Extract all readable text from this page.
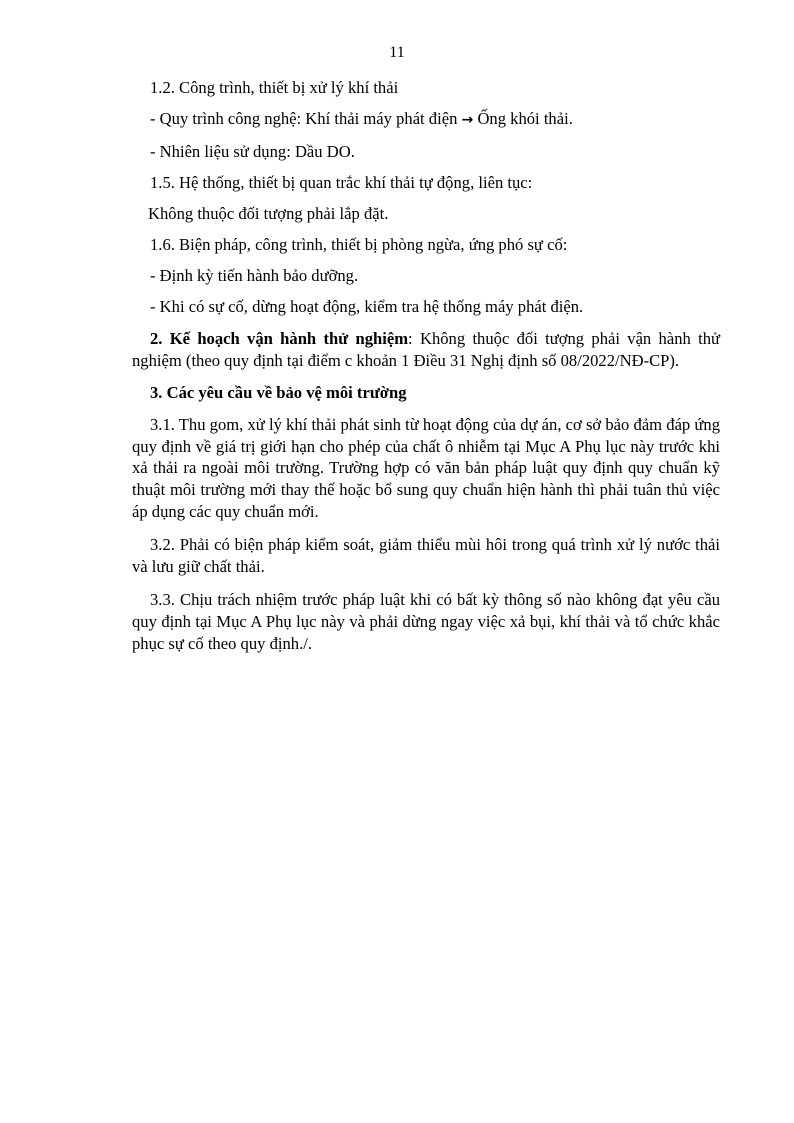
11

1.2. Công trình, thiết bị xử lý khí thải

- Quy trình công nghệ: Khí thải máy phát điện → Ống khói thải.

- Nhiên liệu sử dụng: Dầu DO.

1.5. Hệ thống, thiết bị quan trắc khí thải tự động, liên tục:

Không thuộc đối tượng phải lắp đặt.

1.6. Biện pháp, công trình, thiết bị phòng ngừa, ứng phó sự cố:

- Định kỳ tiến hành bảo dưỡng.

- Khi có sự cố, dừng hoạt động, kiểm tra hệ thống máy phát điện.

2. Kế hoạch vận hành thử nghiệm: Không thuộc đối tượng phải vận hành thử nghiệm (theo quy định tại điểm c khoản 1 Điều 31 Nghị định số 08/2022/NĐ-CP).

3. Các yêu cầu về bảo vệ môi trường

3.1. Thu gom, xử lý khí thải phát sinh từ hoạt động của dự án, cơ sở bảo đảm đáp ứng quy định về giá trị giới hạn cho phép của chất ô nhiễm tại Mục A Phụ lục này trước khi xả thải ra ngoài môi trường. Trường hợp có văn bản pháp luật quy định quy chuẩn kỹ thuật môi trường mới thay thế hoặc bổ sung quy chuẩn hiện hành thì phải tuân thủ việc áp dụng các quy chuẩn mới.

3.2. Phải có biện pháp kiểm soát, giảm thiểu mùi hôi trong quá trình xử lý nước thải và lưu giữ chất thải.

3.3. Chịu trách nhiệm trước pháp luật khi có bất kỳ thông số nào không đạt yêu cầu quy định tại Mục A Phụ lục này và phải dừng ngay việc xả bụi, khí thải và tổ chức khắc phục sự cố theo quy định./.
